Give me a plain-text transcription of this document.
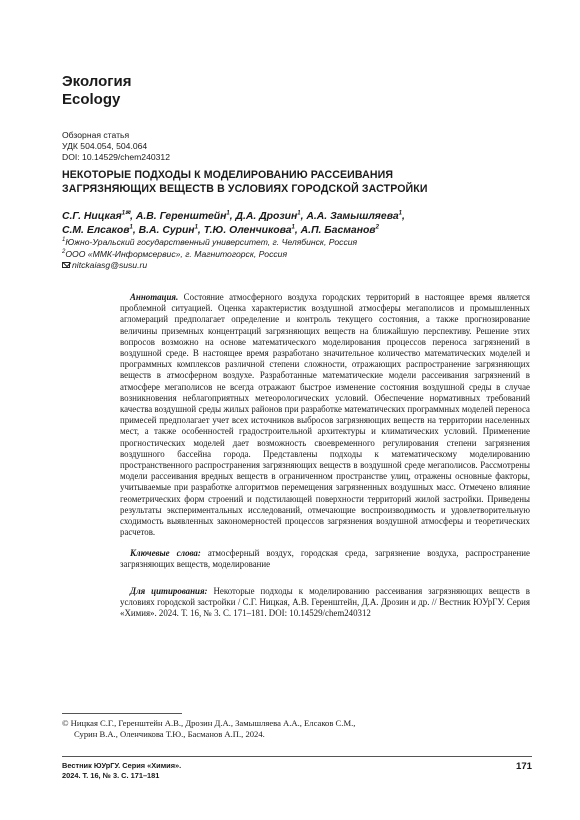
Экология
Ecology
Обзорная статья
УДК 504.054, 504.064
DOI: 10.14529/chem240312
НЕКОТОРЫЕ ПОДХОДЫ К МОДЕЛИРОВАНИЮ РАССЕИВАНИЯ
ЗАГРЯЗНЯЮЩИХ ВЕЩЕСТВ В УСЛОВИЯХ ГОРОДСКОЙ ЗАСТРОЙКИ
С.Г. Ницкая$^{1✉}$, А.В. Геренштейн$^1$, Д.А. Дрозин$^1$, А.А. Замышляева$^1$,
С.М. Елсаков$^1$, В.А. Сурин$^1$, Т.Ю. Оленчикова$^1$, А.П. Басманов$^2$
$^1$Южно-Уральский государственный университет, г. Челябинск, Россия
$^2$ООО «ММК-Информсервис», г. Магнитогорск, Россия
nitckaiasg@susu.ru

Аннотация. Состояние атмосферного воздуха городских территорий в настоящее время является проблемной ситуацией. Оценка характеристик воздушной атмосферы мегаполисов и промышленных агломераций предполагает определение и контроль текущего состояния, а также прогнозирование величины приземных концентраций загрязняющих веществ на ближайшую перспективу. Решение этих вопросов возможно на основе математического моделирования процессов переноса загрязнений в воздушной среде. В настоящее время разработано значительное количество математических моделей и программных комплексов различной степени сложности, отражающих распространение загрязняющих веществ в атмосферном воздухе. Разработанные математические модели рассеивания загрязнений в атмосфере мегаполисов не всегда отражают быстрое изменение состояния воздушной среды в случае возникновения неблагоприятных метеорологических условий. Обеспечение нормативных требований качества воздушной среды жилых районов при разработке математических программных моделей переноса примесей предполагает учет всех источников выбросов загрязняющих веществ на территории населенных мест, а также особенностей градостроительной архитектуры и климатических условий. Применение прогностических моделей дает возможность своевременного регулирования степени загрязнения воздушного бассейна города. Представлены подходы к математическому моделированию пространственного распространения загрязняющих веществ в воздушной среде мегаполисов. Рассмотрены модели рассеивания вредных веществ в ограниченном пространстве улиц, отражены основные факторы, учитываемые при разработке алгоритмов перемещения загрязненных воздушных масс. Отмечено влияние геометрических форм строений и подстилающей поверхности территорий жилой застройки. Приведены результаты экспериментальных исследований, отмечающие воспроизводимость и удовлетворительную сходимость выявленных закономерностей процессов загрязнения воздушной атмосферы и теоретических расчетов.

Ключевые слова: атмосферный воздух, городская среда, загрязнение воздуха, распространение загрязняющих веществ, моделирование

Для цитирования: Некоторые подходы к моделированию рассеивания загрязняющих веществ в условиях городской застройки / С.Г. Ницкая, А.В. Геренштейн, Д.А. Дрозин и др. // Вестник ЮУрГУ. Серия «Химия». 2024. Т. 16, № 3. С. 171–181. DOI: 10.14529/chem240312

© Ницкая С.Г., Геренштейн А.В., Дрозин Д.А., Замышляева А.А., Елсаков С.М.,
Сурин В.А., Оленчикова Т.Ю., Басманов А.П., 2024.
Вестник ЮУрГУ. Серия «Химия».
2024. Т. 16, № 3. С. 171–181
171
